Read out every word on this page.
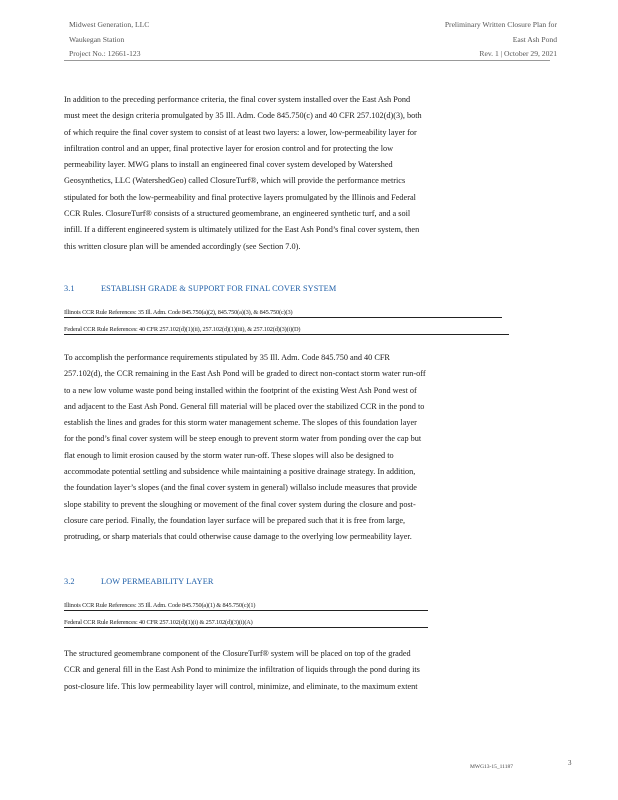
Midwest Generation, LLC
Waukegan Station
Project No.: 12661-123
Preliminary Written Closure Plan for
East Ash Pond
Rev. 1 | October 29, 2021
In addition to the preceding performance criteria, the final cover system installed over the East Ash Pond
must meet the design criteria promulgated by 35 Ill. Adm. Code 845.750(c) and 40 CFR 257.102(d)(3), both
of which require the final cover system to consist of at least two layers: a lower, low-permeability layer for
infiltration control and an upper, final protective layer for erosion control and for protecting the low
permeability layer. MWG plans to install an engineered final cover system developed by Watershed
Geosynthetics, LLC (WatershedGeo) called ClosureTurf®, which will provide the performance metrics
stipulated for both the low-permeability and final protective layers promulgated by the Illinois and Federal
CCR Rules. ClosureTurf® consists of a structured geomembrane, an engineered synthetic turf, and a soil
infill. If a different engineered system is ultimately utilized for the East Ash Pond’s final cover system, then
this written closure plan will be amended accordingly (see Section 7.0).
3.1	ESTABLISH GRADE & SUPPORT FOR FINAL COVER SYSTEM
Illinois CCR Rule References: 35 Ill. Adm. Code 845.750(a)(2), 845.750(a)(3), & 845.750(c)(3)
Federal CCR Rule References: 40 CFR 257.102(d)(1)(ii), 257.102(d)(1)(iii), & 257.102(d)(3)(i)(D)
To accomplish the performance requirements stipulated by 35 Ill. Adm. Code 845.750 and 40 CFR
257.102(d), the CCR remaining in the East Ash Pond will be graded to direct non-contact storm water run-off
to a new low volume waste pond being installed within the footprint of the existing West Ash Pond west of
and adjacent to the East Ash Pond. General fill material will be placed over the stabilized CCR in the pond to
establish the lines and grades for this storm water management scheme. The slopes of this foundation layer
for the pond’s final cover system will be steep enough to prevent storm water from ponding over the cap but
flat enough to limit erosion caused by the storm water run-off. These slopes will also be designed to
accommodate potential settling and subsidence while maintaining a positive drainage strategy. In addition,
the foundation layer’s slopes (and the final cover system in general) willalso include measures that provide
slope stability to prevent the sloughing or movement of the final cover system during the closure and post-
closure care period. Finally, the foundation layer surface will be prepared such that it is free from large,
protruding, or sharp materials that could otherwise cause damage to the overlying low permeability layer.
3.2	LOW PERMEABILITY LAYER
Illinois CCR Rule References: 35 Ill. Adm. Code 845.750(a)(1) & 845.750(c)(1)
Federal CCR Rule References: 40 CFR 257.102(d)(1)(i) & 257.102(d)(3)(i)(A)
The structured geomembrane component of the ClosureTurf® system will be placed on top of the graded
CCR and general fill in the East Ash Pond to minimize the infiltration of liquids through the pond during its
post-closure life. This low permeability layer will control, minimize, and eliminate, to the maximum extent
MWG13-15_11187	3
